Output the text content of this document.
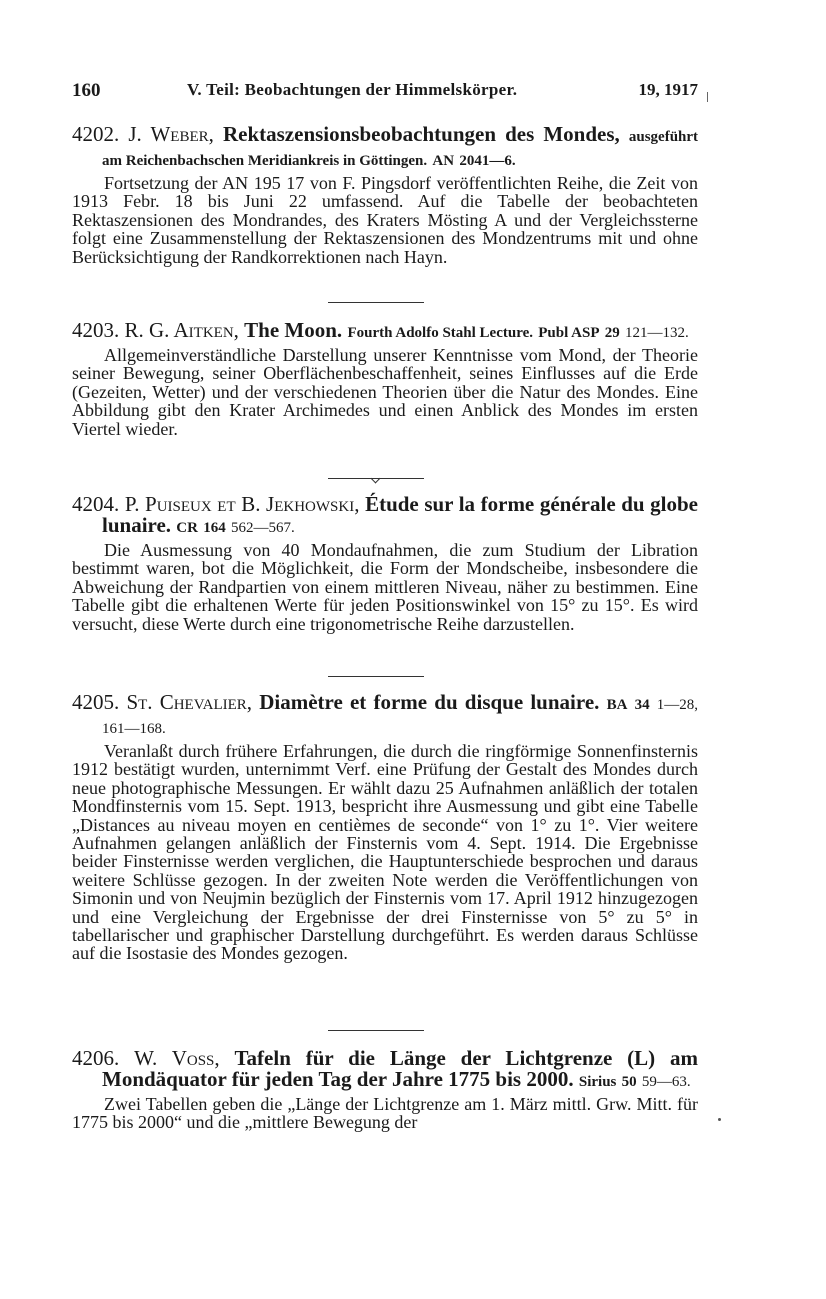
160	V. Teil: Beobachtungen der Himmelskörper.	19, 1917
4202. J. Weber, Rektaszensionsbeobachtungen des Mondes, ausgeführt am Reichenbachschen Meridiankreis in Göttingen. AN 2041—6.
Fortsetzung der AN 195 17 von F. Pingsdorf veröffentlichten Reihe, die Zeit von 1913 Febr. 18 bis Juni 22 umfassend. Auf die Tabelle der beobachteten Rektaszensionen des Mondrandes, des Kraters Mösting A und der Vergleichssterne folgt eine Zusammenstellung der Rektaszensionen des Mondzentrums mit und ohne Berücksichtigung der Randkorrektionen nach Hayn.
4203. R. G. Aitken, The Moon. Fourth Adolfo Stahl Lecture. Publ ASP 29 121—132.
Allgemeinverständliche Darstellung unserer Kenntnisse vom Mond, der Theorie seiner Bewegung, seiner Oberflächenbeschaffenheit, seines Einflusses auf die Erde (Gezeiten, Wetter) und der verschiedenen Theorien über die Natur des Mondes. Eine Abbildung gibt den Krater Archimedes und einen Anblick des Mondes im ersten Viertel wieder.
4204. P. Puiseux et B. Jekhowski, Étude sur la forme générale du globe lunaire. CR 164 562—567.
Die Ausmessung von 40 Mondaufnahmen, die zum Studium der Libration bestimmt waren, bot die Möglichkeit, die Form der Mondscheibe, insbesondere die Abweichung der Randpartien von einem mittleren Niveau, näher zu bestimmen. Eine Tabelle gibt die erhaltenen Werte für jeden Positionswinkel von 15° zu 15°. Es wird versucht, diese Werte durch eine trigonometrische Reihe darzustellen.
4205. St. Chevalier, Diamètre et forme du disque lunaire. BA 34 1—28, 161—168.
Veranlaßt durch frühere Erfahrungen, die durch die ringförmige Sonnenfinsternis 1912 bestätigt wurden, unternimmt Verf. eine Prüfung der Gestalt des Mondes durch neue photographische Messungen. Er wählt dazu 25 Aufnahmen anläßlich der totalen Mondfinsternis vom 15. Sept. 1913, bespricht ihre Ausmessung und gibt eine Tabelle „Distances au niveau moyen en centièmes de seconde“ von 1° zu 1°. Vier weitere Aufnahmen gelangen anläßlich der Finsternis vom 4. Sept. 1914. Die Ergebnisse beider Finsternisse werden verglichen, die Hauptunterschiede besprochen und daraus weitere Schlüsse gezogen. In der zweiten Note werden die Veröffentlichungen von Simonin und von Neujmin bezüglich der Finsternis vom 17. April 1912 hinzugezogen und eine Vergleichung der Ergebnisse der drei Finsternisse von 5° zu 5° in tabellarischer und graphischer Darstellung durchgeführt. Es werden daraus Schlüsse auf die Isostasie des Mondes gezogen.
4206. W. Voss, Tafeln für die Länge der Lichtgrenze (L) am Mondäquator für jeden Tag der Jahre 1775 bis 2000. Sirius 50 59—63.
Zwei Tabellen geben die „Länge der Lichtgrenze am 1. März mittl. Grw. Mitt. für 1775 bis 2000“ und die „mittlere Bewegung der
